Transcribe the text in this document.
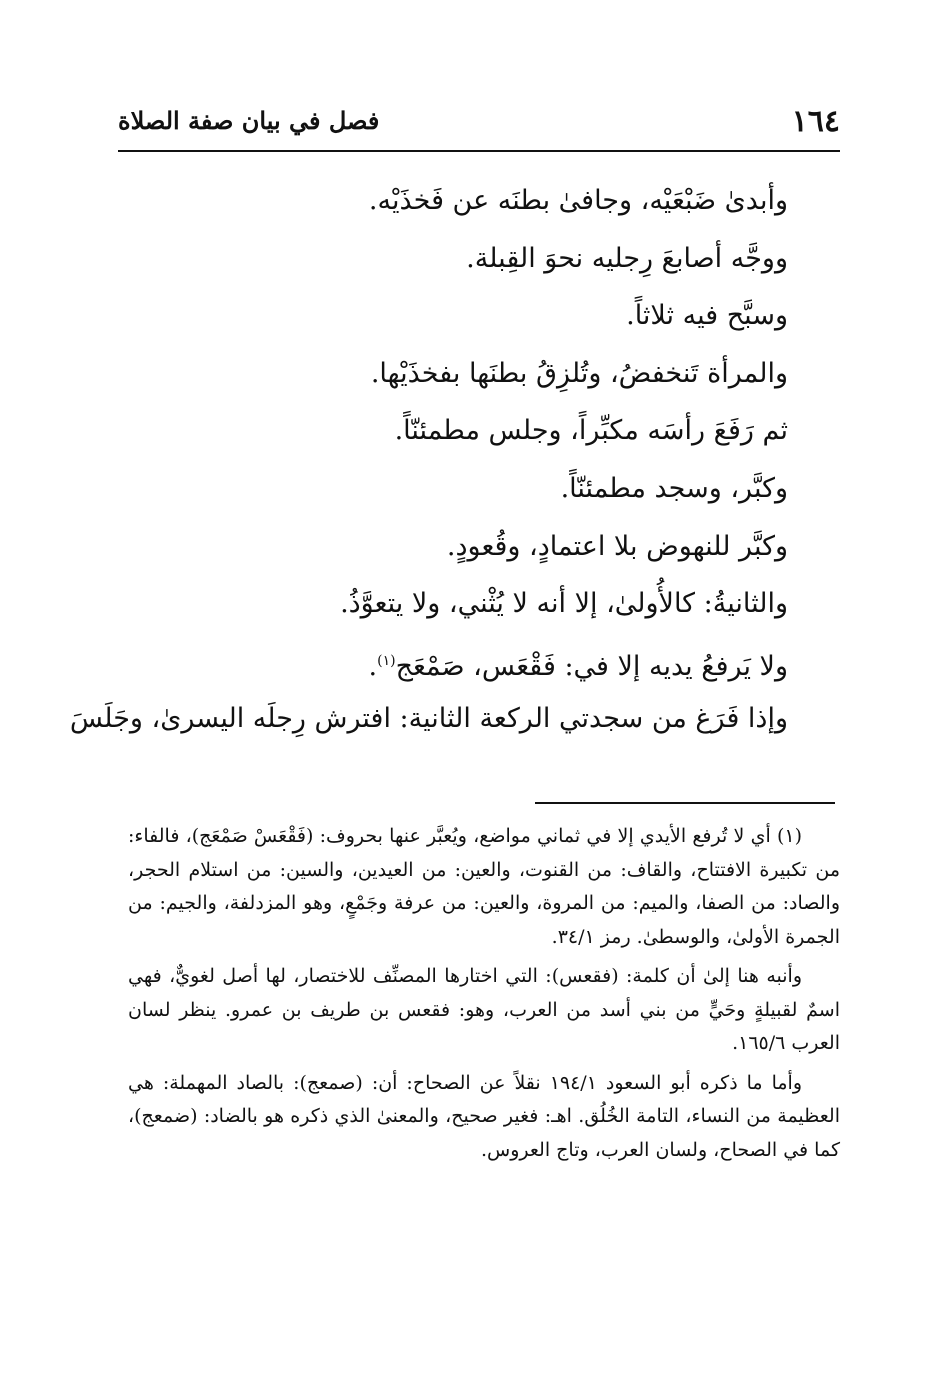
١٦٤
فصل في بيان صفة الصلاة
وأبدىٰ ضَبْعَيْه، وجافىٰ بطنَه عن فَخذَيْه.
ووجَّه أصابعَ رِجليه نحوَ القِبلة.
وسبَّح فيه ثلاثاً.
والمرأة تَنخفضُ، وتُلزِقُ بطنَها بفخذَيْها.
ثم رَفَعَ رأسَه مكبِّراً، وجلس مطمئنّاً.
وكبَّر، وسجد مطمئنّاً.
وكبَّر للنهوض بلا اعتمادٍ، وقُعودٍ.
والثانيةُ: كالأُولىٰ، إلا أنه لا يُثْني، ولا يتعوَّذُ.
ولا يَرفعُ يديه إلا في: فَقْعَس، صَمْعَج$^{(١)}$.
وإذا فَرَغ من سجدتي الركعة الثانية: افترش رِجلَه اليسرىٰ، وجَلَسَ

(١) أي لا تُرفع الأيدي إلا في ثماني مواضع، ويُعبَّر عنها بحروف: (فَقْعَسْ صَمْعَج)، فالفاء: من تكبيرة الافتتاح، والقاف: من القنوت، والعين: من العيدين، والسين: من استلام الحجر، والصاد: من الصفا، والميم: من المروة، والعين: من عرفة وجَمْعٍ، وهو المزدلفة، والجيم: من الجمرة الأولىٰ، والوسطىٰ. رمز ٣٤/١.

وأنبه هنا إلىٰ أن كلمة: (فقعس): التي اختارها المصنِّف للاختصار، لها أصل لغويٌّ، فهي اسمٌ لقبيلةٍ وحَيٍّ من بني أسد من العرب، وهو: فقعس بن طريف بن عمرو. ينظر لسان العرب ١٦٥/٦.

وأما ما ذكره أبو السعود ١٩٤/١ نقلاً عن الصحاح: أن: (صمعج): بالصاد المهملة: هي العظيمة من النساء، التامة الخُلُق. اهـ: فغير صحيح، والمعنىٰ الذي ذكره هو بالضاد: (ضمعج)، كما في الصحاح، ولسان العرب، وتاج العروس.
